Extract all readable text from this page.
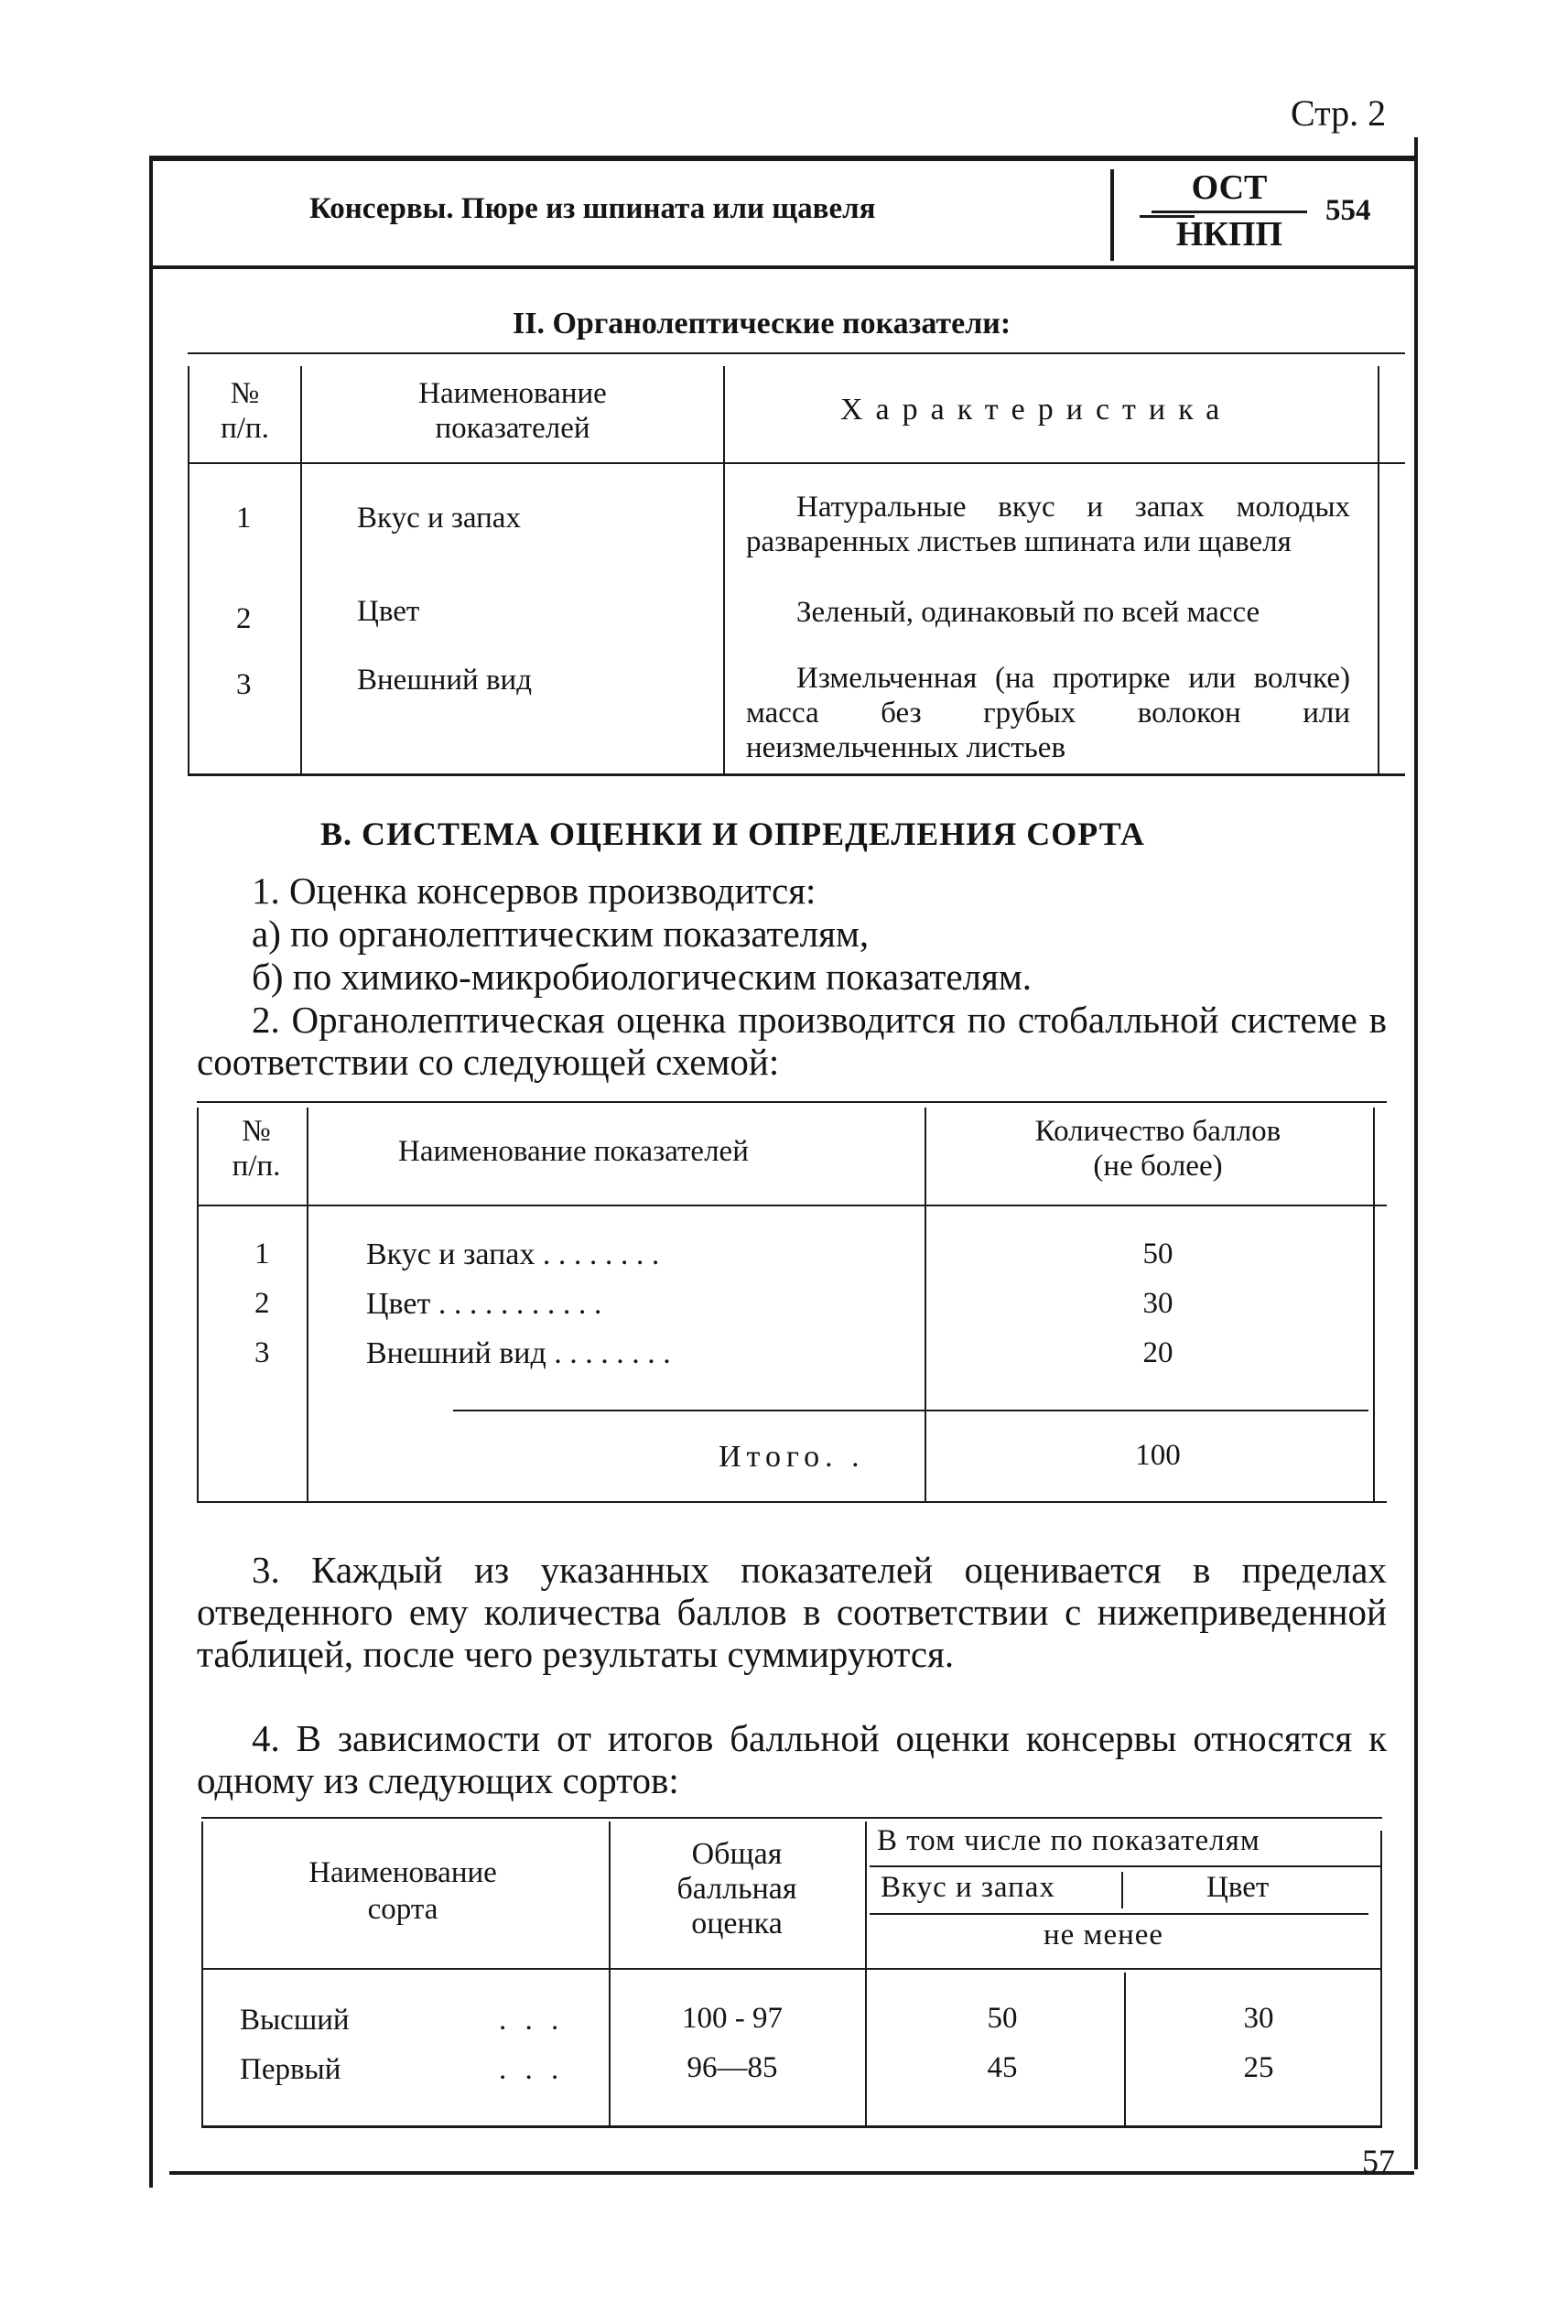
Стр. 2
Консервы. Пюре из шпината или щавеля
ОСТ
НКПП
554
II. Органолептические показатели:
№
п/п.
Наименование
показателей
Характеристика
1	Вкус и запах	Натуральные вкус и запах молодых разваренных листьев шпината или щавеля
2	Цвет	Зеленый, одинаковый по всей массе
3	Внешний вид	Измельченная (на протирке или волчке) масса без грубых волокон или неизмельченных листьев
В. СИСТЕМА ОЦЕНКИ И ОПРЕДЕЛЕНИЯ СОРТА
1. Оценка консервов производится:
а) по органолептическим показателям,
б) по химико-микробиологическим показателям.
2. Органолептическая оценка производится по стобалльной системе в соответствии со следующей схемой:
№
п/п.	Наименование показателей
Количество баллов
(не более)
1	Вкус и запах . . . . . . . .	50
2	Цвет . . . . . . . . . . .	30
3	Внешний вид . . . . . . . .	20
Итого. .	100
3. Каждый из указанных показателей оценивается в пределах отведенного ему количества баллов в соответствии с нижеприведенной таблицей, после чего результаты суммируются.
4. В зависимости от итогов балльной оценки консервы относятся к одному из следующих сортов:
Наименование
сорта
Общая
балльная
оценка
В том числе по показателям
Вкус и запах	Цвет
не менее
Высший	. . .	100 - 97	50	30
Первый	. . .	96—85	45	25
57
